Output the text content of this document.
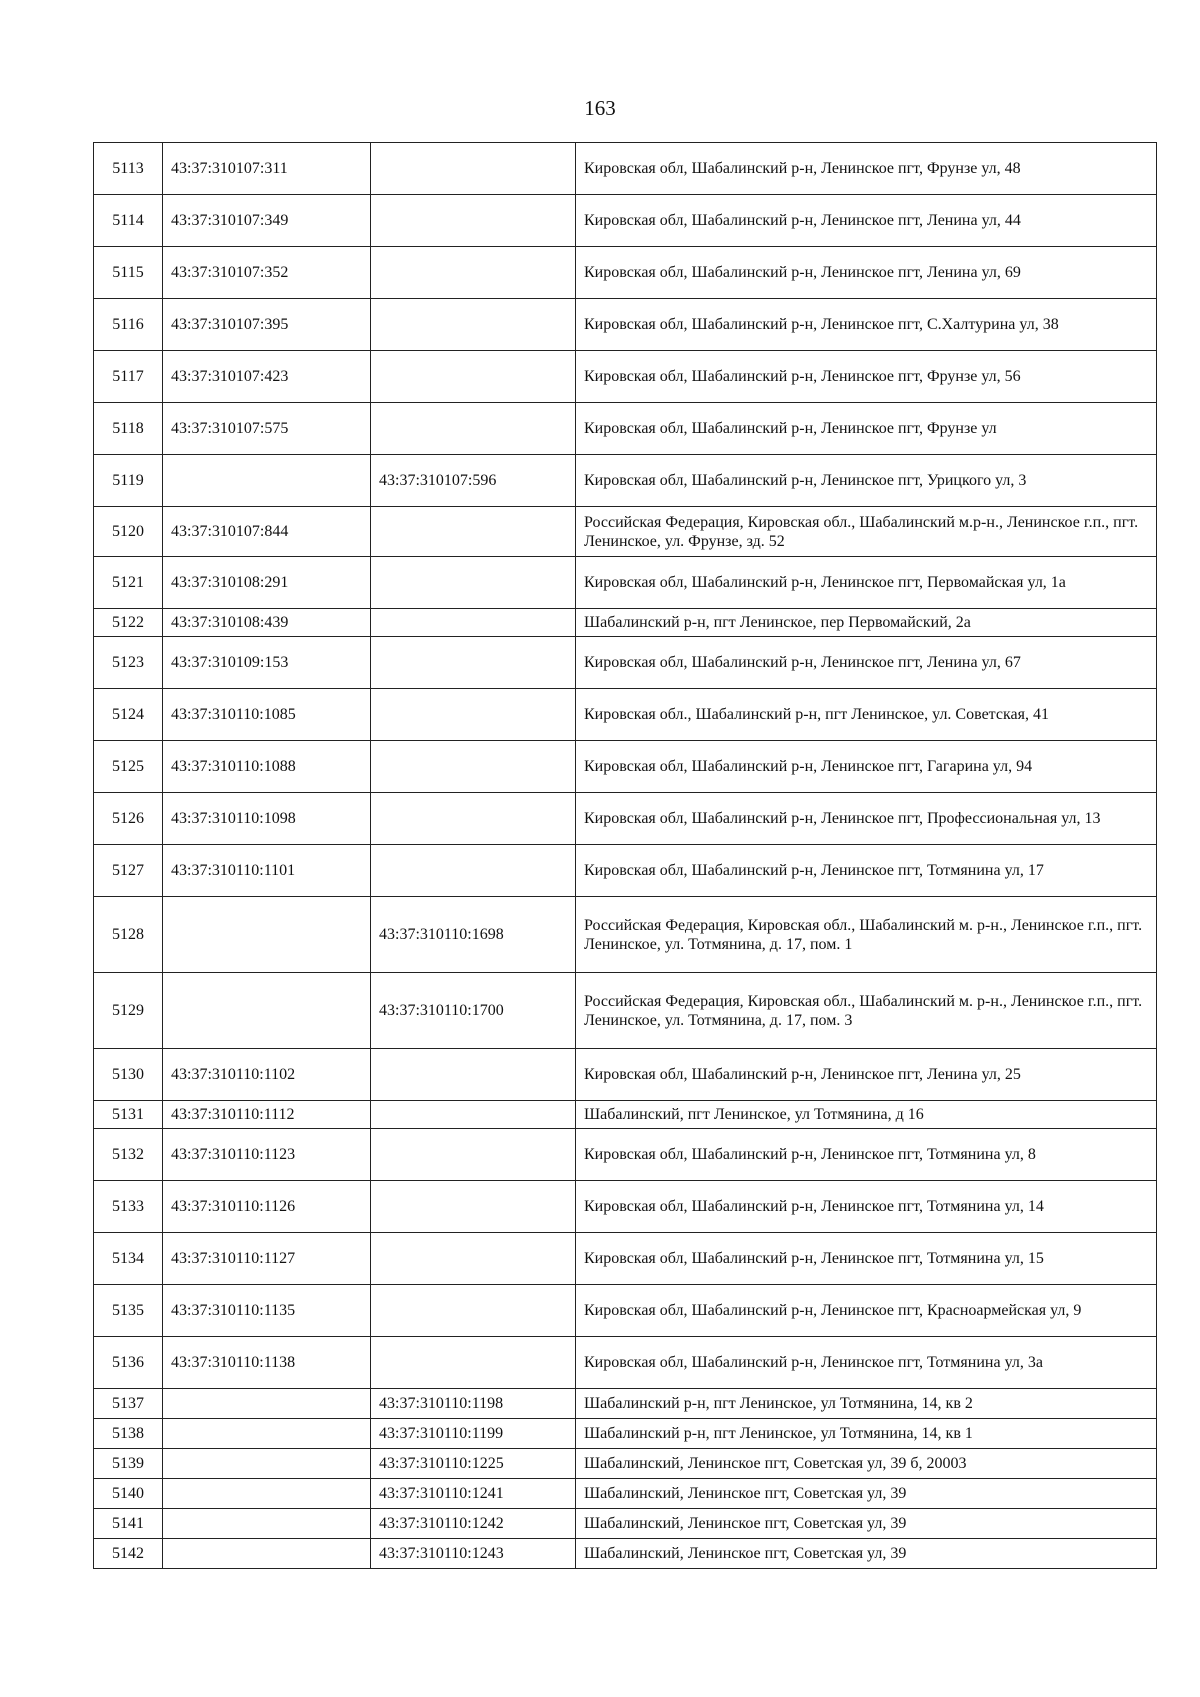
163
5113	43:37:310107:311		Кировская обл, Шабалинский р-н, Ленинское пгт, Фрунзе ул, 48
5114	43:37:310107:349		Кировская обл, Шабалинский р-н, Ленинское пгт, Ленина ул, 44
5115	43:37:310107:352		Кировская обл, Шабалинский р-н, Ленинское пгт, Ленина ул, 69
5116	43:37:310107:395		Кировская обл, Шабалинский р-н, Ленинское пгт, С.Халтурина ул, 38
5117	43:37:310107:423		Кировская обл, Шабалинский р-н, Ленинское пгт, Фрунзе ул, 56
5118	43:37:310107:575		Кировская обл, Шабалинский р-н, Ленинское пгт, Фрунзе ул
5119		43:37:310107:596	Кировская обл, Шабалинский р-н, Ленинское пгт, Урицкого ул, 3
5120	43:37:310107:844		Российская Федерация, Кировская обл., Шабалинский м.р-н., Ленинское г.п., пгт. Ленинское, ул. Фрунзе, зд. 52
5121	43:37:310108:291		Кировская обл, Шабалинский р-н, Ленинское пгт, Первомайская ул, 1а
5122	43:37:310108:439		Шабалинский р-н, пгт Ленинское, пер Первомайский, 2а
5123	43:37:310109:153		Кировская обл, Шабалинский р-н, Ленинское пгт, Ленина ул, 67
5124	43:37:310110:1085		Кировская обл., Шабалинский р-н, пгт Ленинское, ул. Советская, 41
5125	43:37:310110:1088		Кировская обл, Шабалинский р-н, Ленинское пгт, Гагарина ул, 94
5126	43:37:310110:1098		Кировская обл, Шабалинский р-н, Ленинское пгт, Профессиональная ул, 13
5127	43:37:310110:1101		Кировская обл, Шабалинский р-н, Ленинское пгт, Тотмянина ул, 17
5128		43:37:310110:1698	Российская Федерация, Кировская обл., Шабалинский м. р-н., Ленинское г.п., пгт. Ленинское, ул. Тотмянина, д. 17, пом. 1
5129		43:37:310110:1700	Российская Федерация, Кировская обл., Шабалинский м. р-н., Ленинское г.п., пгт. Ленинское, ул. Тотмянина, д. 17, пом. 3
5130	43:37:310110:1102		Кировская обл, Шабалинский р-н, Ленинское пгт, Ленина ул, 25
5131	43:37:310110:1112		Шабалинский, пгт Ленинское, ул Тотмянина, д 16
5132	43:37:310110:1123		Кировская обл, Шабалинский р-н, Ленинское пгт, Тотмянина ул, 8
5133	43:37:310110:1126		Кировская обл, Шабалинский р-н, Ленинское пгт, Тотмянина ул, 14
5134	43:37:310110:1127		Кировская обл, Шабалинский р-н, Ленинское пгт, Тотмянина ул, 15
5135	43:37:310110:1135		Кировская обл, Шабалинский р-н, Ленинское пгт, Красноармейская ул, 9
5136	43:37:310110:1138		Кировская обл, Шабалинский р-н, Ленинское пгт, Тотмянина ул, 3а
5137		43:37:310110:1198	Шабалинский р-н, пгт Ленинское, ул Тотмянина, 14, кв 2
5138		43:37:310110:1199	Шабалинский р-н, пгт Ленинское, ул Тотмянина, 14, кв 1
5139		43:37:310110:1225	Шабалинский, Ленинское пгт, Советская ул, 39 б, 20003
5140		43:37:310110:1241	Шабалинский, Ленинское пгт, Советская ул, 39
5141		43:37:310110:1242	Шабалинский, Ленинское пгт, Советская ул, 39
5142		43:37:310110:1243	Шабалинский, Ленинское пгт, Советская ул, 39
